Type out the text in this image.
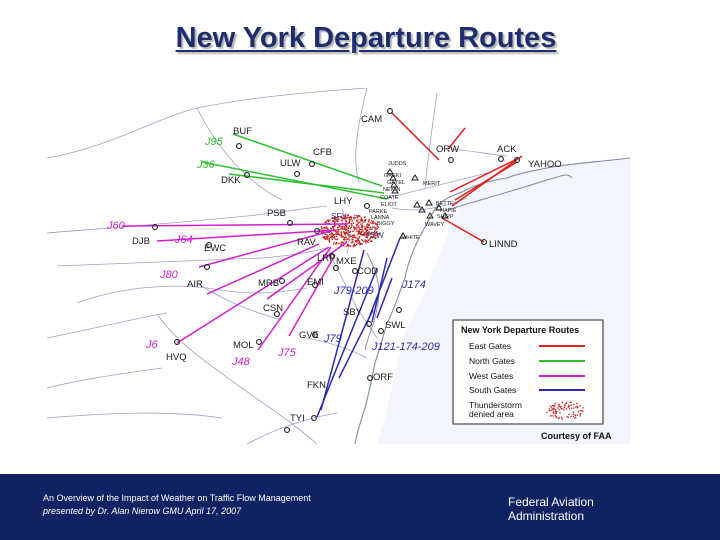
New York Departure Routes
CAM
BUF
CFB
ULW
DKK
ORW	ACK
YAHOO
MERIT
LHY
PSB
DJB
EWC
RAV
LRP MXE
COD
AIR	MRB	EMI
CSN	SBY
SWL
GVE
MOL
HVQ
ORF
FKN
TYI
LINND
JUDDS
GREKI
GAYEL
NEION
COATE
ELIOT
PARKE
LANNA
BIGGY
BETTE
HAPIE
SHIPP
WAVEY
WHITE
SFY
PTW
J95
J36
J60
J64
J80
J6
J48
J75
J79
J79-209	J174
J121-174-209
New York Departure Routes
East Gates
North Gates
West Gates
South Gates
Thunderstorm
denied area
Courtesy of FAA
An Overview of the Impact of Weather on Traffic Flow Management
presented by Dr. Alan Nierow GMU April 17, 2007
Federal Aviation
Administration
